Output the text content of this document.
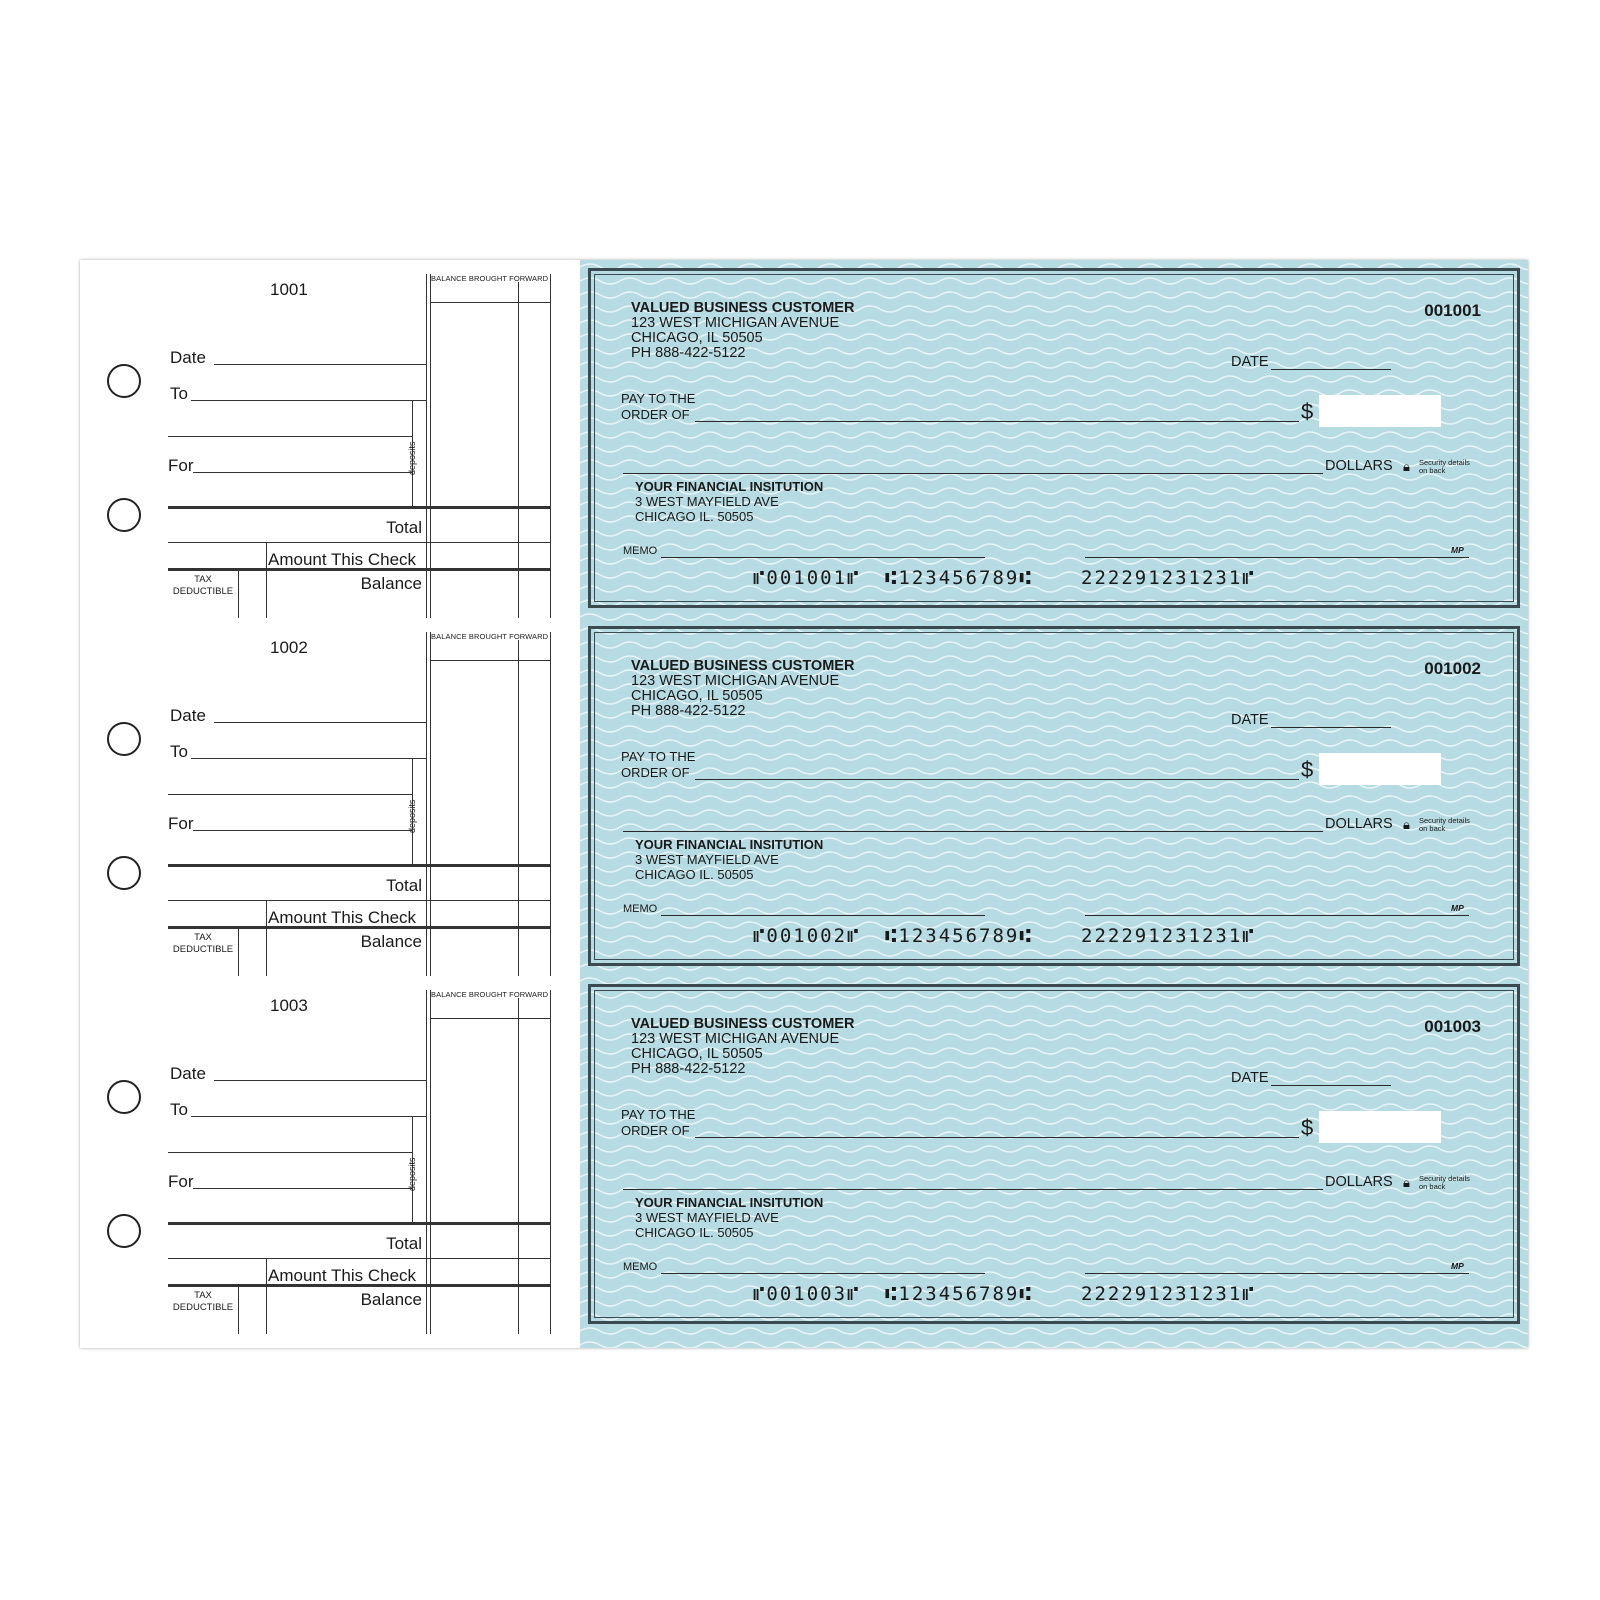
1001
BALANCE BROUGHT FORWARD
Date
To
deposits
For
Total
Amount This Check
TAX
DEDUCTIBLE	Balance
1002
BALANCE BROUGHT FORWARD
Date
To
deposits
For
Total
Amount This Check
TAX
DEDUCTIBLE	Balance
1003
BALANCE BROUGHT FORWARD
Date
To
deposits
For
Total
Amount This Check
TAX
DEDUCTIBLE	Balance
VALUED BUSINESS CUSTOMER
123 WEST MICHIGAN AVENUE
CHICAGO, IL 50505
PH 888-422-5122
001001
DATE
PAY TO THE
ORDER OF	$
DOLLARS 🔒︎ Security details
on back
YOUR FINANCIAL INSITUTION
3 WEST MAYFIELD AVE
CHICAGO IL. 50505
MEMO	MP
⑈001001⑈ ⑆123456789⑆	222291231231⑈
VALUED BUSINESS CUSTOMER
123 WEST MICHIGAN AVENUE
CHICAGO, IL 50505
PH 888-422-5122
001002
DATE
PAY TO THE
ORDER OF	$
DOLLARS 🔒︎ Security details
on back
YOUR FINANCIAL INSITUTION
3 WEST MAYFIELD AVE
CHICAGO IL. 50505
MEMO	MP
⑈001002⑈ ⑆123456789⑆	222291231231⑈
VALUED BUSINESS CUSTOMER
123 WEST MICHIGAN AVENUE
CHICAGO, IL 50505
PH 888-422-5122
001003
DATE
PAY TO THE
ORDER OF	$
DOLLARS 🔒︎ Security details
on back
YOUR FINANCIAL INSITUTION
3 WEST MAYFIELD AVE
CHICAGO IL. 50505
MEMO	MP
⑈001003⑈ ⑆123456789⑆	222291231231⑈
